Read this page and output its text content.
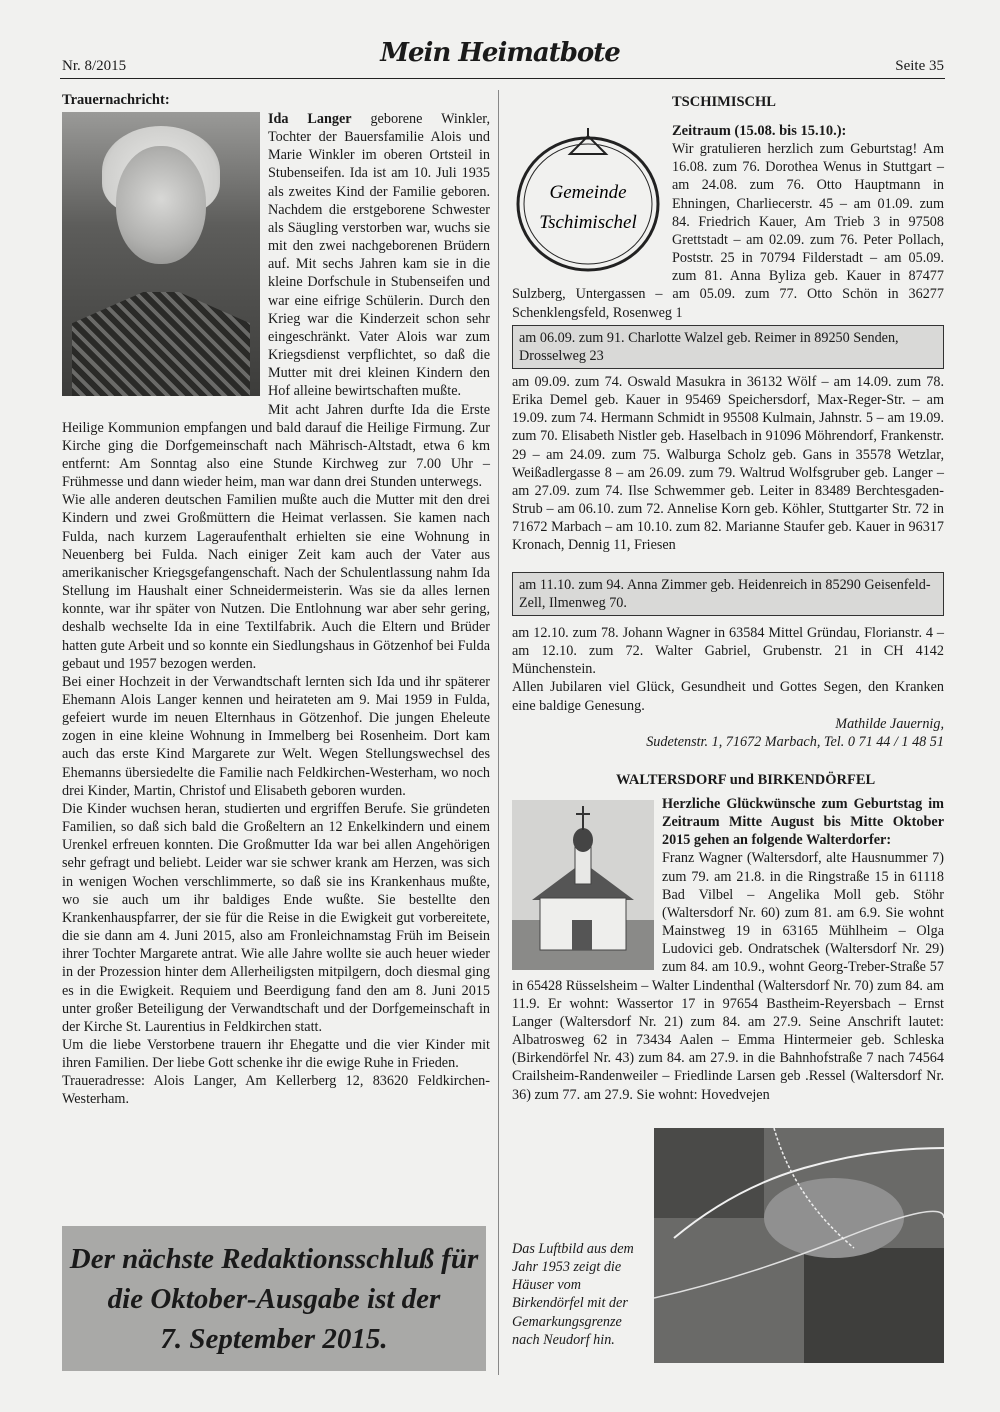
Nr. 8/2015	Mein Heimatbote	Seite 35
Trauernachricht:

Ida Langer geborene Winkler, Tochter der Bauersfamilie Alois und Marie Winkler im oberen Ortsteil in Stubenseifen. Ida ist am 10. Juli 1935 als zweites Kind der Familie geboren. Nachdem die erstgeborene Schwester als Säugling verstorben war, wuchs sie mit den zwei nachgeborenen Brüdern auf. Mit sechs Jahren kam sie in die kleine Dorfschule in Stubenseifen und war eine eifrige Schülerin. Durch den Krieg war die Kinderzeit schon sehr eingeschränkt. Vater Alois war zum Kriegsdienst verpflichtet, so daß die Mutter mit drei kleinen Kindern den Hof alleine bewirtschaften mußte.

Mit acht Jahren durfte Ida die Erste Heilige Kommunion empfangen und bald darauf die Heilige Firmung. Zur Kirche ging die Dorfgemeinschaft nach Mährisch-Altstadt, etwa 6 km entfernt: Am Sonntag also eine Stunde Kirchweg zur 7.00 Uhr – Frühmesse und dann wieder heim, man war dann drei Stunden unterwegs.

Wie alle anderen deutschen Familien mußte auch die Mutter mit den drei Kindern und zwei Großmüttern die Heimat verlassen. Sie kamen nach Fulda, nach kurzem Lageraufenthalt erhielten sie eine Wohnung in Neuenberg bei Fulda. Nach einiger Zeit kam auch der Vater aus amerikanischer Kriegsgefangenschaft. Nach der Schulentlassung nahm Ida Stellung im Haushalt einer Schneidermeisterin. Was sie da alles lernen konnte, war ihr später von Nutzen. Die Entlohnung war aber sehr gering, deshalb wechselte Ida in eine Textilfabrik. Auch die Eltern und Brüder hatten gute Arbeit und so konnte ein Siedlungshaus in Götzenhof bei Fulda gebaut und 1957 bezogen werden.

Bei einer Hochzeit in der Verwandtschaft lernten sich Ida und ihr späterer Ehemann Alois Langer kennen und heirateten am 9. Mai 1959 in Fulda, gefeiert wurde im neuen Elternhaus in Götzenhof. Die jungen Eheleute zogen in eine kleine Wohnung in Immelberg bei Rosenheim. Dort kam auch das erste Kind Margarete zur Welt. Wegen Stellungswechsel des Ehemanns übersiedelte die Familie nach Feldkirchen-Westerham, wo noch drei Kinder, Martin, Christof und Elisabeth geboren wurden.

Die Kinder wuchsen heran, studierten und ergriffen Berufe. Sie gründeten Familien, so daß sich bald die Großeltern an 12 Enkelkindern und einem Urenkel erfreuen konnten. Die Großmutter Ida war bei allen Angehörigen sehr gefragt und beliebt. Leider war sie schwer krank am Herzen, was sich in wenigen Wochen verschlimmerte, so daß sie ins Krankenhaus mußte, wo sie auch um ihr baldiges Ende wußte. Sie bestellte den Krankenhauspfarrer, der sie für die Reise in die Ewigkeit gut vorbereitete, die sie dann am 4. Juni 2015, also am Fronleichnamstag Früh im Beisein ihrer Tochter Margarete antrat. Wie alle Jahre wollte sie auch heuer wieder in der Prozession hinter dem Allerheiligsten mitpilgern, doch diesmal ging es in die Ewigkeit. Requiem und Beerdigung fand den am 8. Juni 2015 unter großer Beteiligung der Verwandtschaft und der Dorfgemeinschaft in der Kirche St. Laurentius in Feldkirchen statt.

Um die liebe Verstorbene trauern ihr Ehegatte und die vier Kinder mit ihren Familien. Der liebe Gott schenke ihr die ewige Ruhe in Frieden.

Traueradresse: Alois Langer, Am Kellerberg 12, 83620 Feldkirchen-Westerham.

Der nächste Redaktionsschluß für
die Oktober-Ausgabe ist der
7. September 2015.
TSCHIMISCHL
Gemeinde
Tschimischel

Zeitraum (15.08. bis 15.10.):

Wir gratulieren herzlich zum Geburtstag! Am 16.08. zum 76. Dorothea Wenus in Stuttgart – am 24.08. zum 76. Otto Hauptmann in Ehningen, Charliecerstr. 45 – am 01.09. zum 84. Friedrich Kauer, Am Trieb 3 in 97508 Grettstadt – am 02.09. zum 76. Peter Pollach, Poststr. 25 in 70794 Filderstadt – am 05.09. zum 81. Anna Byliza geb. Kauer in 87477 Sulzberg, Untergassen – am 05.09. zum 77. Otto Schön in 36277 Schenklengsfeld, Rosenweg 1

am 06.09. zum 91. Charlotte Walzel geb. Reimer in 89250 Senden, Drosselweg 23

am 09.09. zum 74. Oswald Masukra in 36132 Wölf – am 14.09. zum 78. Erika Demel geb. Kauer in 95469 Speichersdorf, Max-Reger-Str. – am 19.09. zum 74. Hermann Schmidt in 95508 Kulmain, Jahnstr. 5 – am 19.09. zum 70. Elisabeth Nistler geb. Haselbach in 91096 Möhrendorf, Frankenstr. 29 – am 24.09. zum 75. Walburga Scholz geb. Gans in 35578 Wetzlar, Weißadlergasse 8 – am 26.09. zum 79. Waltrud Wolfsgruber geb. Langer – am 27.09. zum 74. Ilse Schwemmer geb. Leiter in 83489 Berchtesgaden-Strub – am 06.10. zum 72. Annelise Korn geb. Köhler, Stuttgarter Str. 72 in 71672 Marbach – am 10.10. zum 82. Marianne Staufer geb. Kauer in 96317 Kronach, Dennig 11, Friesen

am 11.10. zum 94. Anna Zimmer geb. Heidenreich in 85290 Geisenfeld-Zell, Ilmenweg 70.

am 12.10. zum 78. Johann Wagner in 63584 Mittel Gründau, Florianstr. 4 – am 12.10. zum 72. Walter Gabriel, Grubenstr. 21 in CH 4142 Münchenstein.

Allen Jubilaren viel Glück, Gesundheit und Gottes Segen, den Kranken eine baldige Genesung.

Mathilde Jauernig,

Sudetenstr. 1, 71672 Marbach, Tel. 0 71 44 / 1 48 51

WALTERSDORF und BIRKENDÖRFEL

Herzliche Glückwünsche zum Geburtstag im Zeitraum Mitte August bis Mitte Oktober 2015 gehen an folgende Walterdorfer:

Franz Wagner (Waltersdorf, alte Hausnummer 7) zum 79. am 21.8. in die Ringstraße 15 in 61118 Bad Vilbel – Angelika Moll geb. Stöhr (Waltersdorf Nr. 60) zum 81. am 6.9. Sie wohnt Mainstweg 19 in 63165 Mühlheim – Olga Ludovici geb. Ondratschek (Waltersdorf Nr. 29) zum 84. am 10.9., wohnt Georg-Treber-Straße 57 in 65428 Rüsselsheim – Walter Lindenthal (Waltersdorf Nr. 70) zum 84. am 11.9. Er wohnt: Wassertor 17 in 97654 Bastheim-Reyersbach – Ernst Langer (Waltersdorf Nr. 21) zum 84. am 27.9. Seine Anschrift lautet: Albatrosweg 62 in 73434 Aalen – Emma Hintermeier geb. Schleska (Birkendörfel Nr. 43) zum 84. am 27.9. in die Bahnhofstraße 7 nach 74564 Crailsheim-Randenweiler – Friedlinde Larsen geb .Ressel (Waltersdorf Nr. 36) zum 77. am 27.9. Sie wohnt: Hovedvejen

Das Luftbild aus dem Jahr 1953 zeigt die Häuser vom Birkendörfel mit der Gemarkungsgrenze nach Neudorf hin.
